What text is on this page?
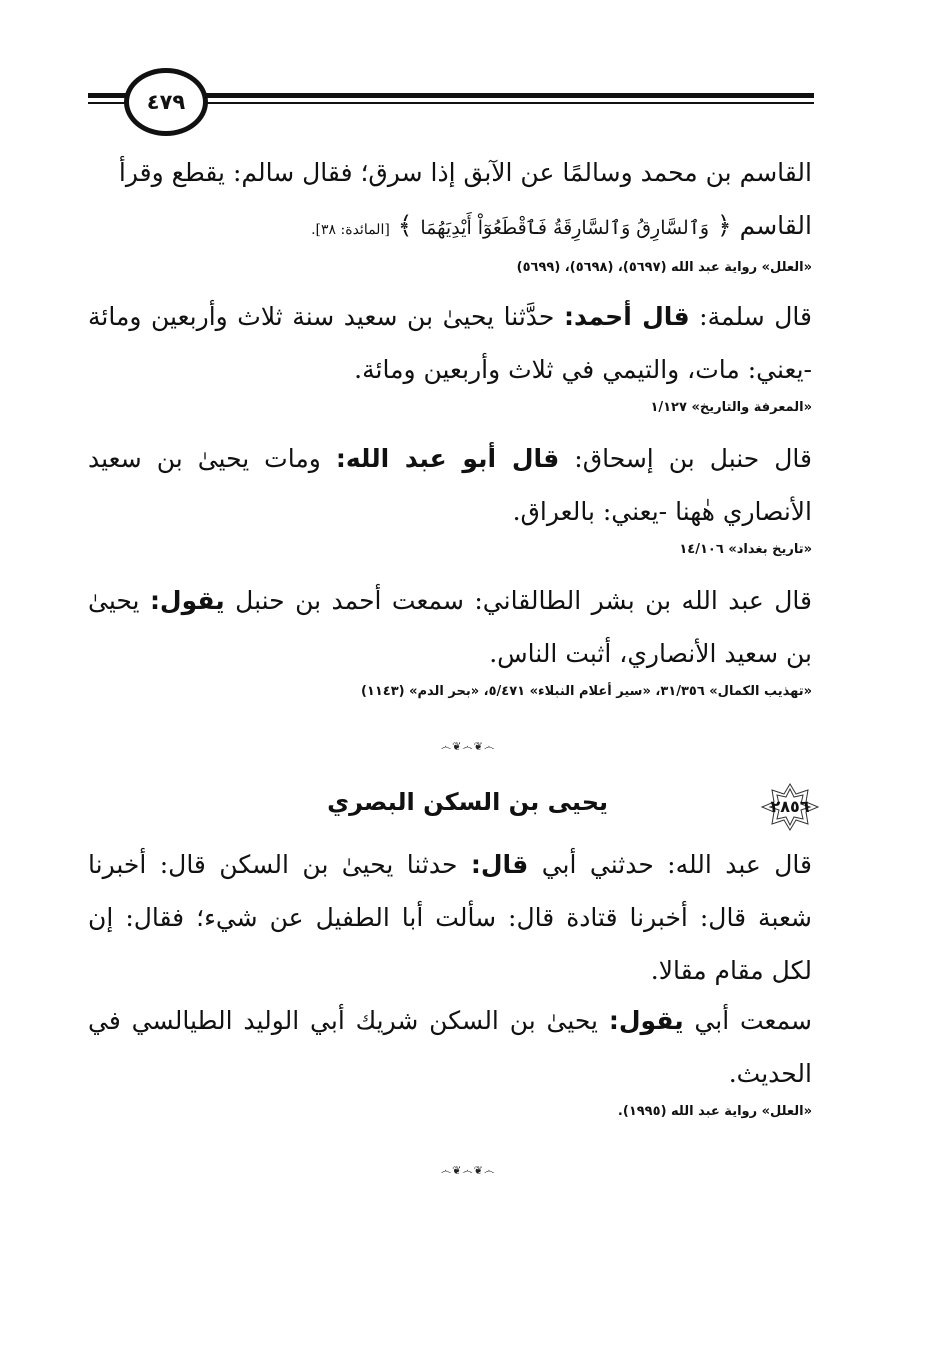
٤٧٩
القاسم بن محمد وسالمًا عن الآبق إذا سرق؛ فقال سالم: يقطع وقرأ
القاسم ﴿ وَٱلسَّارِقُ وَٱلسَّارِقَةُ فَٱقْطَعُوٓاْ أَيْدِيَهُمَا ﴾ [المائدة: ٣٨].
«العلل» رواية عبد الله (٥٦٩٧)، (٥٦٩٨)، (٥٦٩٩)
قال سلمة: قال أحمد: حدَّثنا يحيىٰ بن سعيد سنة ثلاث وأربعين ومائة -يعني: مات، والتيمي في ثلاث وأربعين ومائة.
«المعرفة والتاريخ» ١/١٢٧
قال حنبل بن إسحاق: قال أبو عبد الله: ومات يحيىٰ بن سعيد الأنصاري هٰهنا -يعني: بالعراق.
«تاريخ بغداد» ١٤/١٠٦
قال عبد الله بن بشر الطالقاني: سمعت أحمد بن حنبل يقول: يحيىٰ بن سعيد الأنصاري، أثبت الناس.
«تهذيب الكمال» ٣١/٣٥٦، «سير أعلام النبلاء» ٥/٤٧١، «بحر الدم» (١١٤٣)
෴❦෴❦෴
٢٨٥٦
يحيى بن السكن البصري
قال عبد الله: حدثني أبي قال: حدثنا يحيىٰ بن السكن قال: أخبرنا شعبة قال: أخبرنا قتادة قال: سألت أبا الطفيل عن شيء؛ فقال: إن لكل مقام مقالا.
سمعت أبي يقول: يحيىٰ بن السكن شريك أبي الوليد الطيالسي في الحديث.
«العلل» رواية عبد الله (١٩٩٥).
෴❦෴❦෴
